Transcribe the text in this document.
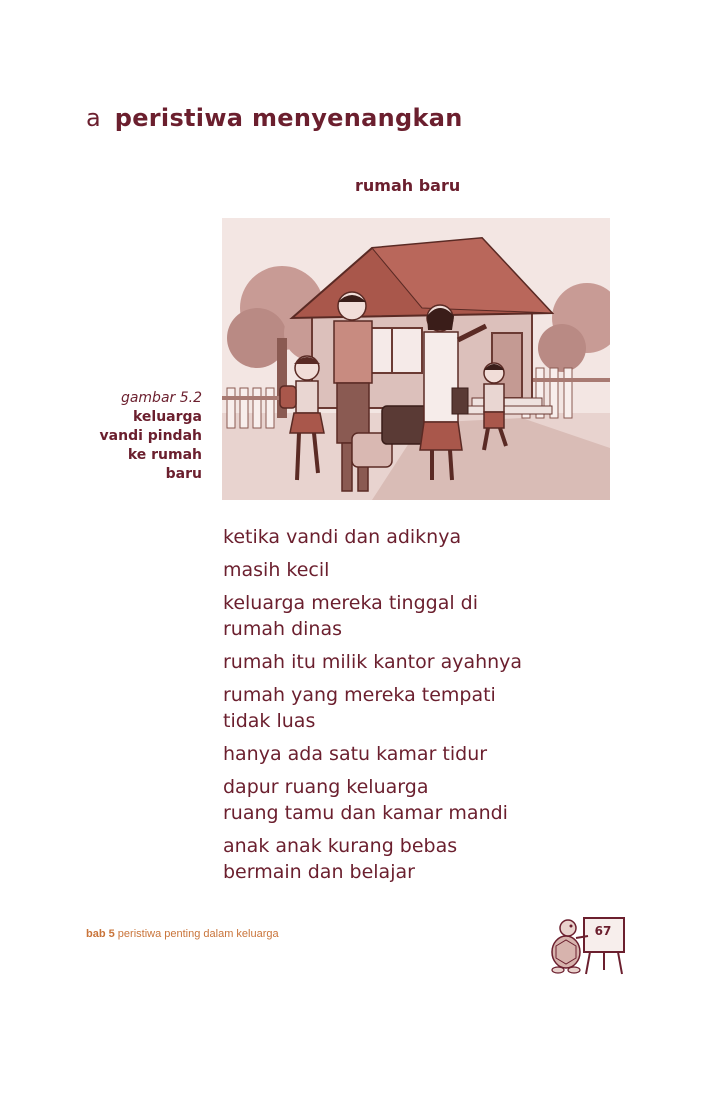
a peristiwa menyenangkan
rumah baru
gambar 5.2
keluarga
vandi pindah
ke rumah
baru

ketika vandi dan adiknya

masih kecil

keluarga mereka tinggal di
rumah dinas

rumah itu milik kantor ayahnya

rumah yang mereka tempati
tidak luas

hanya ada satu kamar tidur

dapur ruang keluarga
ruang tamu dan kamar mandi

anak anak kurang bebas
bermain dan belajar

bab 5 peristiwa penting dalam keluarga	67
